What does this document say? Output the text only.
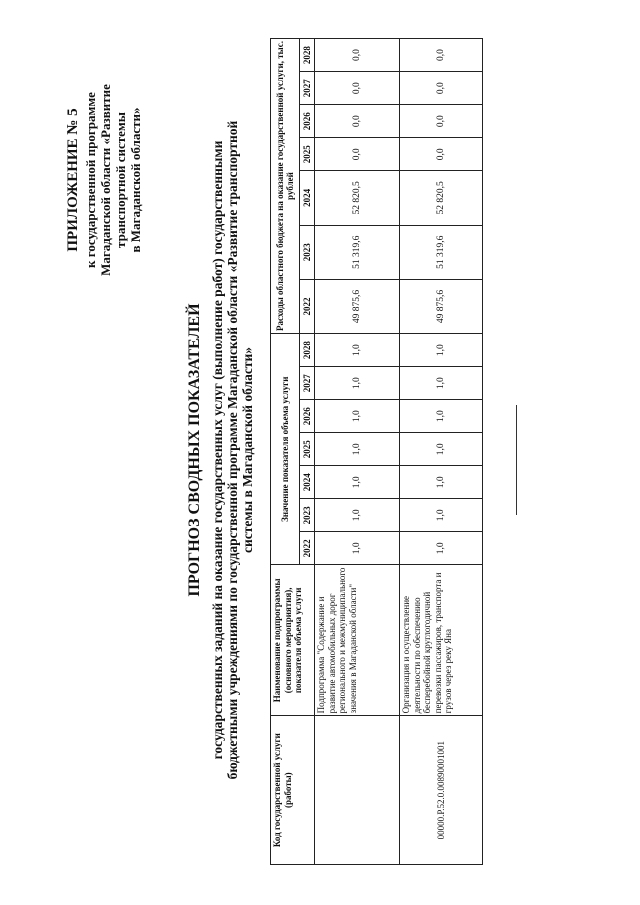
ПРИЛОЖЕНИЕ № 5 к государственной программе Магаданской области «Развитие транспортной системы в Магаданской области»
ПРОГНОЗ СВОДНЫХ ПОКАЗАТЕЛЕЙ государственных заданий на оказание государственных услуг (выполнение работ) государственными бюджетными учреждениями по государственной программе Магаданской области «Развитие транспортной системы в Магаданской области»
Код государственной услуги (работы)	Наименование подпрограммы (основного мероприятия), показателя объема услуги	Значение показателя объема услуги							Расходы областного бюджета на оказание государственной услуги, тыс. рублей						
		2022	2023	2024	2025	2026	2027	2028	2022	2023	2024	2025	2026	2027	2028
	Подпрограмма "Содержание и развитие автомобильных дорог регионального и межмуниципального значения в Магаданской области"	1,0	1,0	1,0	1,0	1,0	1,0	1,0	49 875,6	51 319,6	52 820,5	0,0	0,0	0,0	0,0
00000.Р.52.0.00890001001	Организация и осуществление деятельности по обеспечению бесперебойной круглогодичной перевозки пассажиров, транспорта и грузов через реку Яна	1,0	1,0	1,0	1,0	1,0	1,0	1,0	49 875,6	51 319,6	52 820,5	0,0	0,0	0,0	0,0
